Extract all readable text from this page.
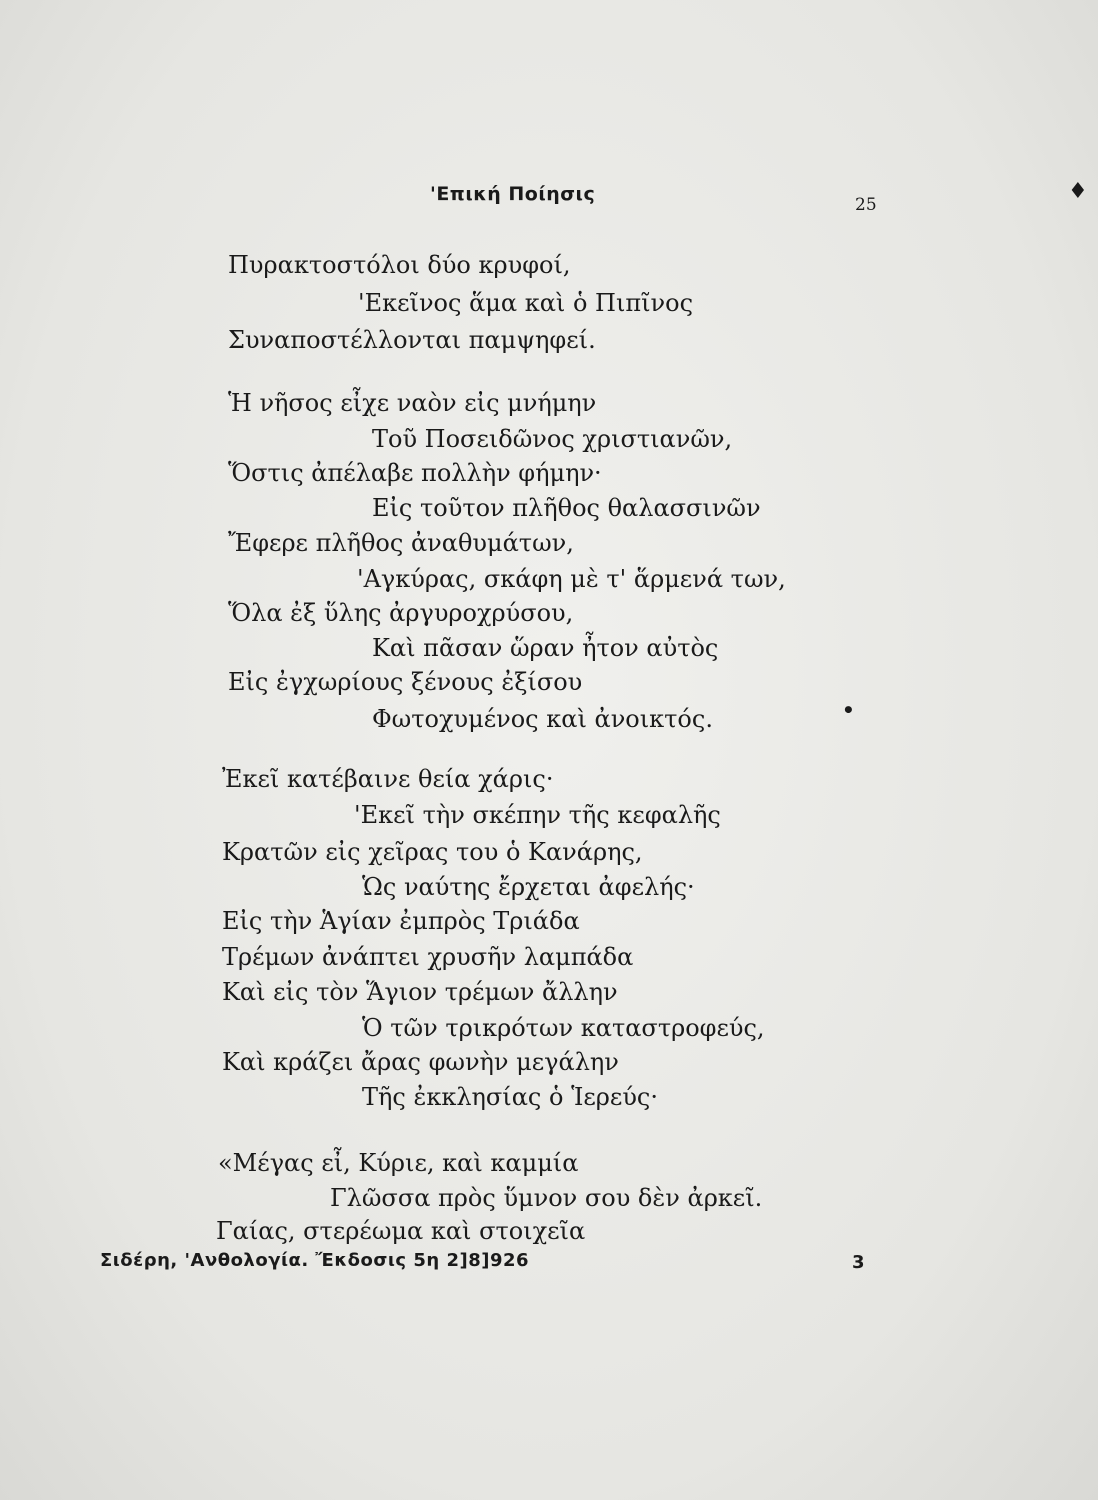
'Επική Ποίησις	25
♦
•
Πυρακτοστόλοι δύο κρυφοί,
'Εκεῖνος ἅμα καὶ ὁ Πιπῖνος
Συναποστέλλονται παμψηφεί.
Ἡ νῆσος εἶχε ναὸν εἰς μνήμην
Τοῦ Ποσειδῶνος χριστιανῶν,
Ὅστις ἀπέλαβε πολλὴν φήμην·
Εἰς τοῦτον πλῆθος θαλασσινῶν
Ἔφερε πλῆθος ἀναθυμάτων,
'Αγκύρας, σκάφη μὲ τ' ἅρμενά των,
Ὅλα ἐξ ὕλης ἀργυροχρύσου,
Καὶ πᾶσαν ὥραν ἦτον αὐτὸς
Εἰς ἐγχωρίους ξένους ἐξίσου
Φωτοχυμένος καὶ ἀνοικτός.
Ἐκεῖ κατέβαινε θεία χάρις·
'Εκεῖ τὴν σκέπην τῆς κεφαλῆς
Κρατῶν εἰς χεῖρας του ὁ Κανάρης,
Ὡς ναύτης ἔρχεται ἀφελής·
Εἰς τὴν Ἁγίαν ἐμπρὸς Τριάδα
Τρέμων ἀνάπτει χρυσῆν λαμπάδα
Καὶ εἰς τὸν Ἅγιον τρέμων ἄλλην
Ὁ τῶν τρικρότων καταστροφεύς,
Καὶ κράζει ἄρας φωνὴν μεγάλην
Τῆς ἐκκλησίας ὁ Ἱερεύς·
«Μέγας εἶ, Κύριε, καὶ καμμία
Γλῶσσα πρὸς ὕμνον σου δὲν ἀρκεῖ.
Γαίας, στερέωμα καὶ στοιχεῖα
Σιδέρη, 'Ανθολογία. Ἔκδοσις 5η 2]8]926	3
